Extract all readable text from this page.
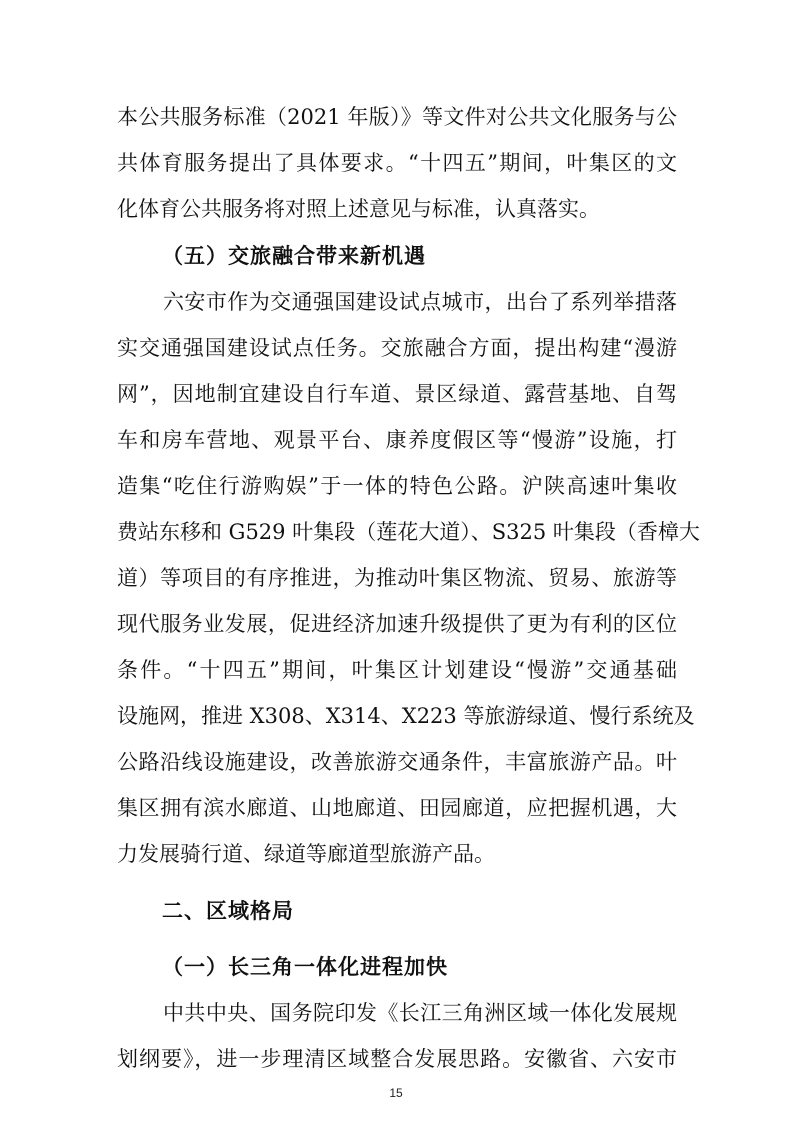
本公共服务标准（2021 年版）》等文件对公共文化服务与公
共体育服务提出了具体要求。“十四五”期间，叶集区的文
化体育公共服务将对照上述意见与标准，认真落实。
（五）交旅融合带来新机遇
六安市作为交通强国建设试点城市，出台了系列举措落
实交通强国建设试点任务。交旅融合方面，提出构建“漫游
网”，因地制宜建设自行车道、景区绿道、露营基地、自驾
车和房车营地、观景平台、康养度假区等“慢游”设施，打
造集“吃住行游购娱”于一体的特色公路。沪陕高速叶集收
费站东移和 G529 叶集段（莲花大道）、S325 叶集段（香樟大
道）等项目的有序推进，为推动叶集区物流、贸易、旅游等
现代服务业发展，促进经济加速升级提供了更为有利的区位
条件。“十四五”期间，叶集区计划建设“慢游”交通基础
设施网，推进 X308、X314、X223 等旅游绿道、慢行系统及
公路沿线设施建设，改善旅游交通条件，丰富旅游产品。叶
集区拥有滨水廊道、山地廊道、田园廊道，应把握机遇，大
力发展骑行道、绿道等廊道型旅游产品。
二、区域格局
（一）长三角一体化进程加快
中共中央、国务院印发《长江三角洲区域一体化发展规
划纲要》，进一步理清区域整合发展思路。安徽省、六安市
15
